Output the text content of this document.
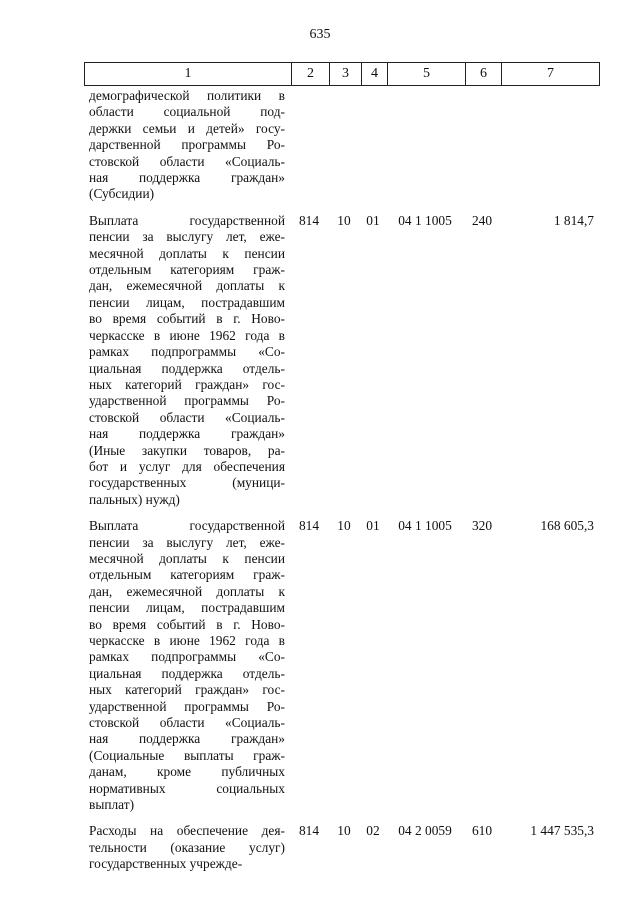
635
1	2	3	4	5	6	7
демографической политики в
области социальной под-
держки семьи и детей» госу-
дарственной программы Ро-
стовской области «Социаль-
ная поддержка граждан»
(Субсидии)
Выплата государственной
пенсии за выслугу лет, еже-
месячной доплаты к пенсии
отдельным категориям граж-
дан, ежемесячной доплаты к
пенсии лицам, пострадавшим
во время событий в г. Ново-
черкасске в июне 1962 года в
рамках подпрограммы «Со-
циальная поддержка отдель-
ных категорий граждан» гос-
ударственной программы Ро-
стовской области «Социаль-
ная поддержка граждан»
(Иные закупки товаров, ра-
бот и услуг для обеспечения
государственных (муници-
пальных) нужд)
814	10	01	04 1 1005	240	1 814,7
Выплата государственной
пенсии за выслугу лет, еже-
месячной доплаты к пенсии
отдельным категориям граж-
дан, ежемесячной доплаты к
пенсии лицам, пострадавшим
во время событий в г. Ново-
черкасске в июне 1962 года в
рамках подпрограммы «Со-
циальная поддержка отдель-
ных категорий граждан» гос-
ударственной программы Ро-
стовской области «Социаль-
ная поддержка граждан»
(Социальные выплаты граж-
данам, кроме публичных
нормативных социальных
выплат)
814	10	01	04 1 1005	320	168 605,3
Расходы на обеспечение дея-
тельности (оказание услуг)
государственных учрежде-
814	10	02	04 2 0059	610	1 447 535,3
